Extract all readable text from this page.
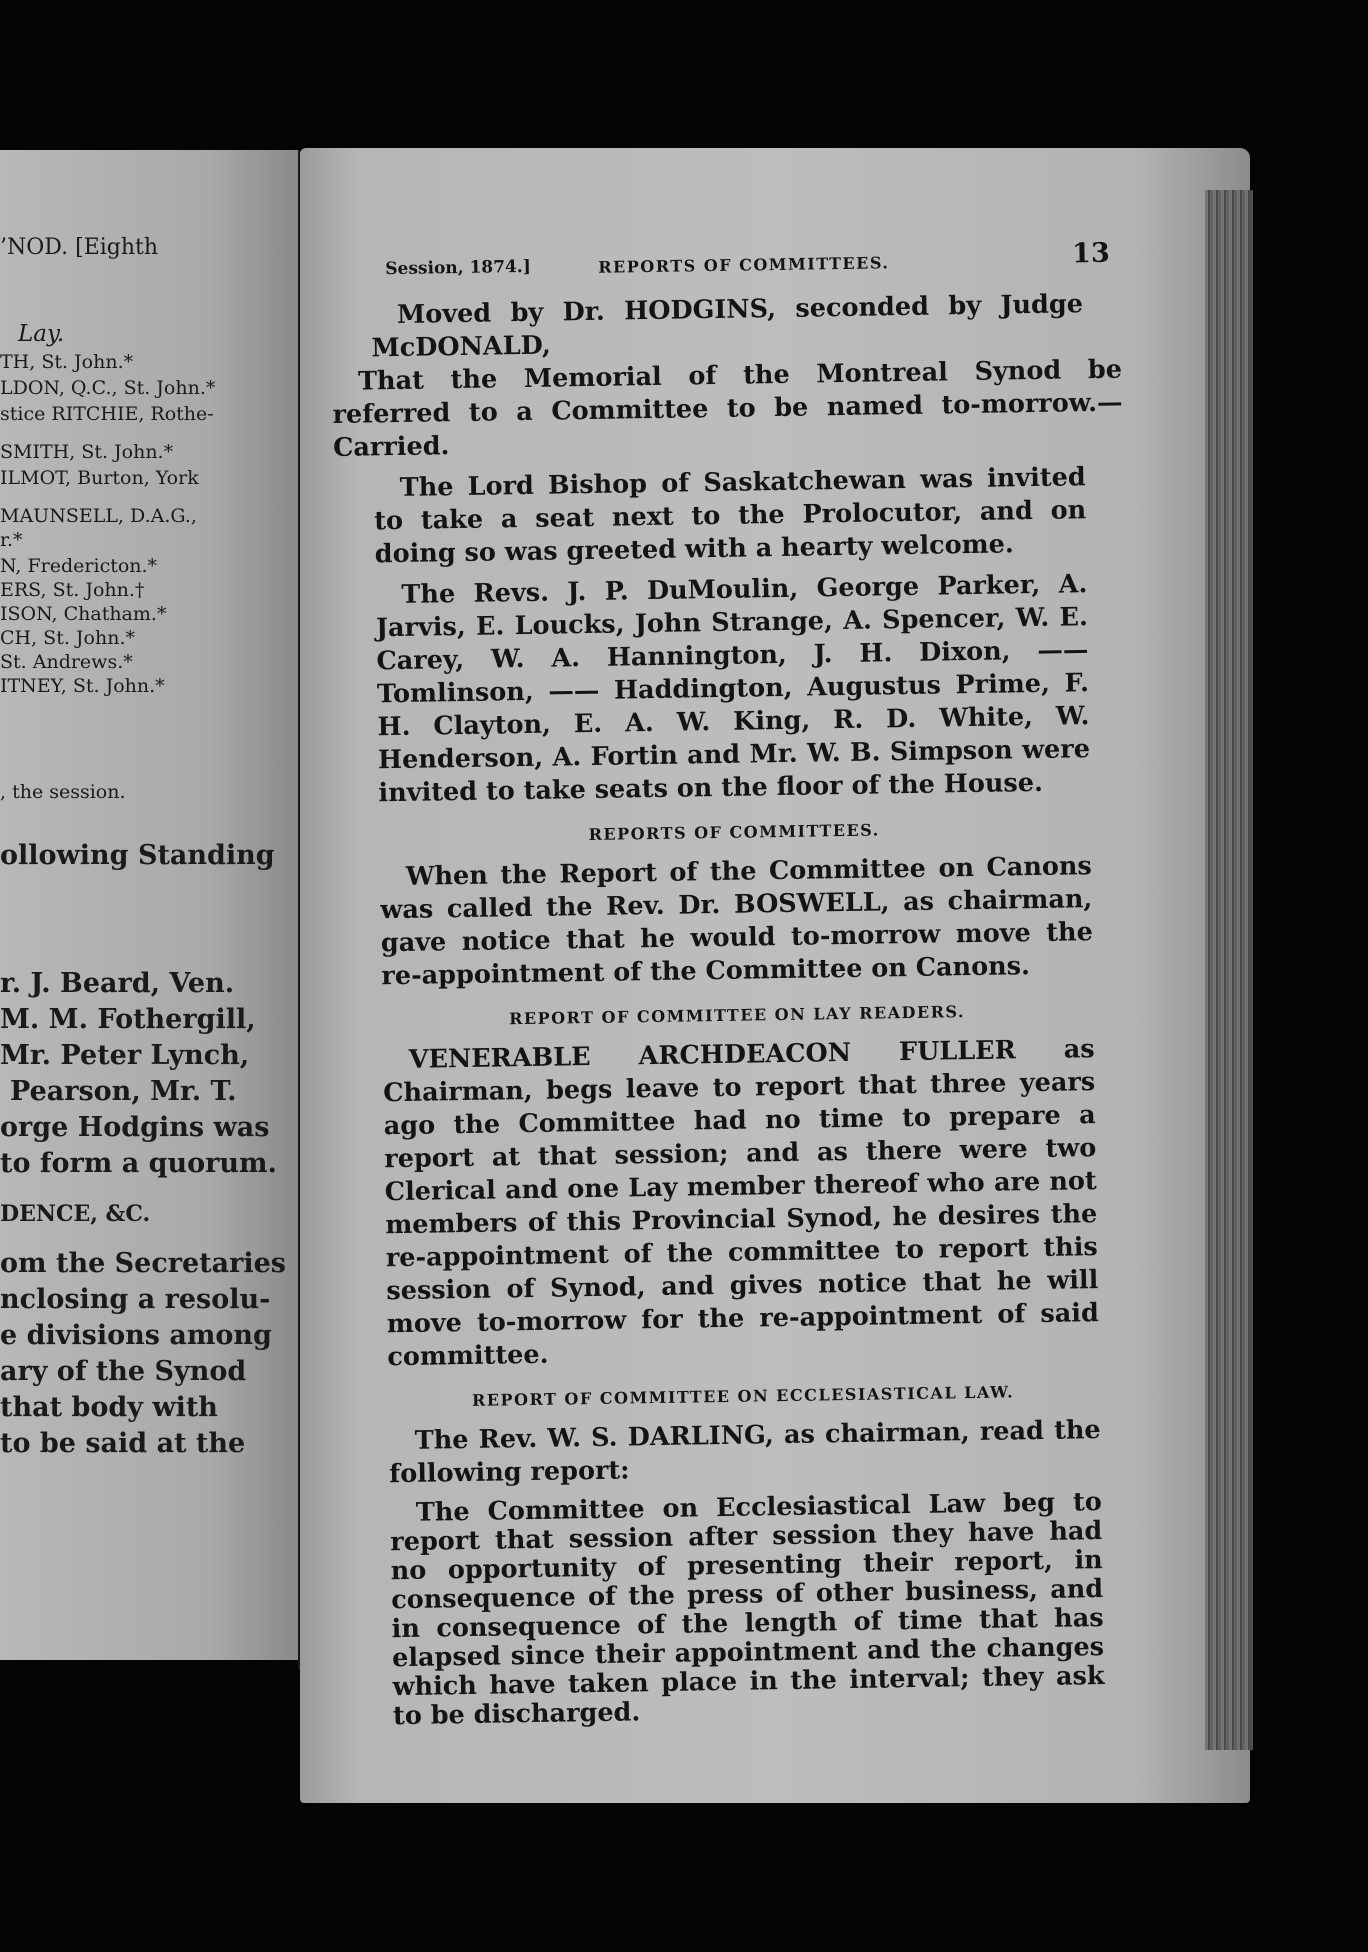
’NOD. [Eighth
Lay.
TH, St. John.*
LDON, Q.C., St. John.*
stice RITCHIE, Rothe-
SMITH, St. John.*
ILMOT, Burton, York
MAUNSELL, D.A.G.,
r.*
N, Fredericton.*
ERS, St. John.†
ISON, Chatham.*
CH, St. John.*
St. Andrews.*
ITNEY, St. John.*
, the session.
ollowing Standing
r. J. Beard, Ven.
M. M. Fothergill,
Mr. Peter Lynch,
Pearson, Mr. T.
orge Hodgins was
to form a quorum.
DENCE, &C.
om the Secretaries
nclosing a resolu-
e divisions among
ary of the Synod
that body with
to be said at the
Session, 1874.]	REPORTS OF COMMITTEES.	13

Moved by Dr. HODGINS, seconded by Judge McDONALD,

That the Memorial of the Montreal Synod be referred to a Committee to be named to-morrow.—Carried.

The Lord Bishop of Saskatchewan was invited to take a seat next to the Prolocutor, and on doing so was greeted with a hearty welcome.

The Revs. J. P. DuMoulin, George Parker, A. Jarvis, E. Loucks, John Strange, A. Spencer, W. E. Carey, W. A. Hannington, J. H. Dixon, —— Tomlinson, —— Haddington, Augustus Prime, F. H. Clayton, E. A. W. King, R. D. White, W. Henderson, A. Fortin and Mr. W. B. Simpson were invited to take seats on the floor of the House.

REPORTS OF COMMITTEES.

When the Report of the Committee on Canons was called the Rev. Dr. BOSWELL, as chairman, gave notice that he would to-morrow move the re-appointment of the Committee on Canons.

REPORT OF COMMITTEE ON LAY READERS.

VENERABLE ARCHDEACON FULLER as Chairman, begs leave to report that three years ago the Committee had no time to prepare a report at that session; and as there were two Clerical and one Lay member thereof who are not members of this Provincial Synod, he desires the re-appointment of the committee to report this session of Synod, and gives notice that he will move to-morrow for the re-appointment of said committee.

REPORT OF COMMITTEE ON ECCLESIASTICAL LAW.

The Rev. W. S. DARLING, as chairman, read the following report:

The Committee on Ecclesiastical Law beg to report that session after session they have had no opportunity of presenting their report, in consequence of the press of other business, and in consequence of the length of time that has elapsed since their appointment and the changes which have taken place in the interval; they ask to be discharged.
